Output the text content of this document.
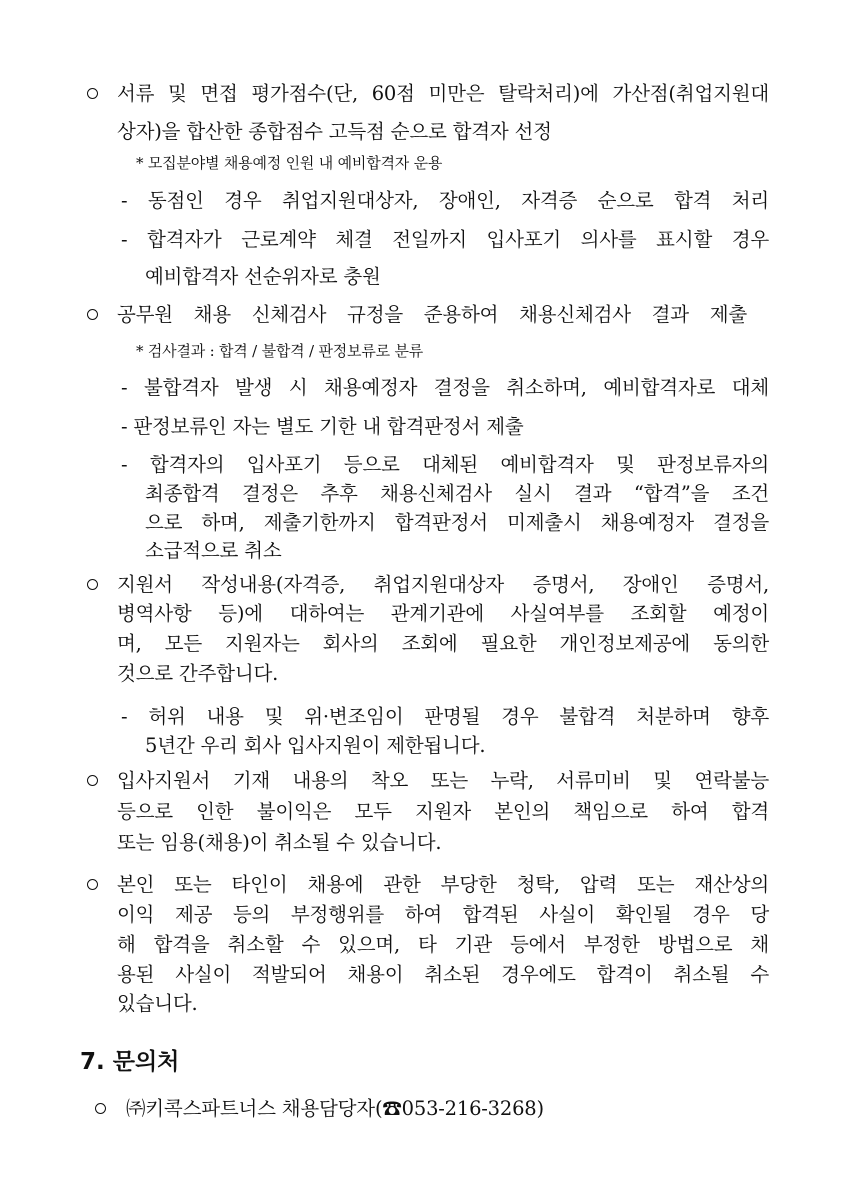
서류 및 면접 평가점수(단, 60점 미만은 탈락처리)에 가산점(취업지원대
상자)을 합산한 종합점수 고득점 순으로 합격자 선정
* 모집분야별 채용예정 인원 내 예비합격자 운용
- 동점인 경우 취업지원대상자, 장애인, 자격증 순으로 합격 처리
- 합격자가 근로계약 체결 전일까지 입사포기 의사를 표시할 경우
예비합격자 선순위자로 충원
공무원 채용 신체검사 규정을 준용하여 채용신체검사 결과 제출
* 검사결과 : 합격 / 불합격 / 판정보류로 분류
- 불합격자 발생 시 채용예정자 결정을 취소하며, 예비합격자로 대체
- 판정보류인 자는 별도 기한 내 합격판정서 제출
- 합격자의 입사포기 등으로 대체된 예비합격자 및 판정보류자의
최종합격 결정은 추후 채용신체검사 실시 결과 “합격”을 조건
으로 하며, 제출기한까지 합격판정서 미제출시 채용예정자 결정을
소급적으로 취소
지원서 작성내용(자격증, 취업지원대상자 증명서, 장애인 증명서,
병역사항 등)에 대하여는 관계기관에 사실여부를 조회할 예정이
며, 모든 지원자는 회사의 조회에 필요한 개인정보제공에 동의한
것으로 간주합니다.
- 허위 내용 및 위·변조임이 판명될 경우 불합격 처분하며 향후
5년간 우리 회사 입사지원이 제한됩니다.
입사지원서 기재 내용의 착오 또는 누락, 서류미비 및 연락불능
등으로 인한 불이익은 모두 지원자 본인의 책임으로 하여 합격
또는 임용(채용)이 취소될 수 있습니다.
본인 또는 타인이 채용에 관한 부당한 청탁, 압력 또는 재산상의
이익 제공 등의 부정행위를 하여 합격된 사실이 확인될 경우 당
해 합격을 취소할 수 있으며, 타 기관 등에서 부정한 방법으로 채
용된 사실이 적발되어 채용이 취소된 경우에도 합격이 취소될 수
있습니다.
7. 문의처
㈜키콕스파트너스 채용담당자(☎053-216-3268)
